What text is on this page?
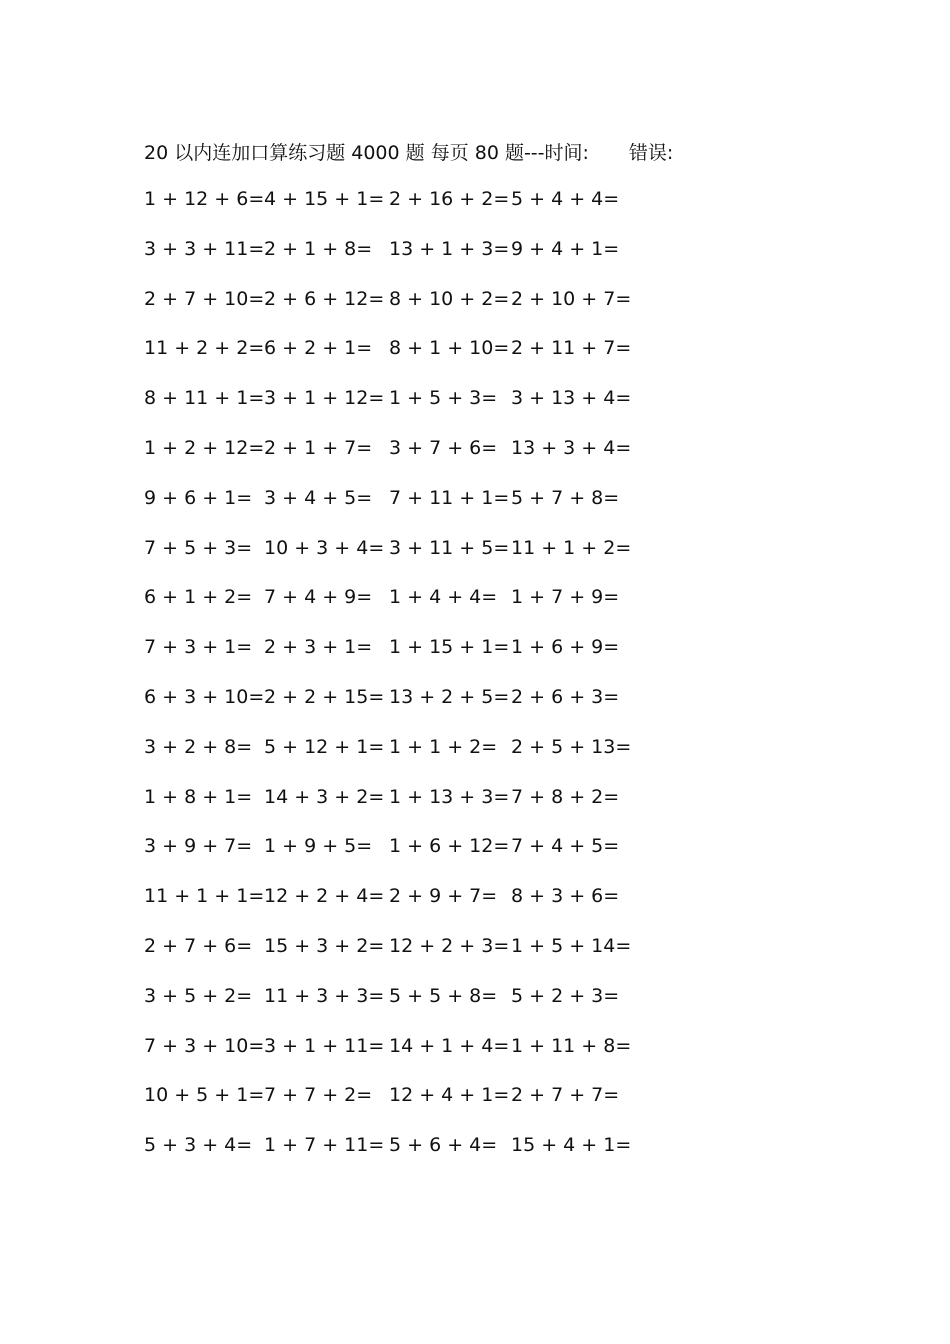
20 以内连加口算练习题 4000 题 每页 80 题---时间: 错误:
1 + 12 + 6= 4 + 15 + 1= 2 + 16 + 2= 5 + 4 + 4=
3 + 3 + 11= 2 + 1 + 8= 13 + 1 + 3= 9 + 4 + 1=
2 + 7 + 10= 2 + 6 + 12= 8 + 10 + 2= 2 + 10 + 7=
11 + 2 + 2= 6 + 2 + 1= 8 + 1 + 10= 2 + 11 + 7=
8 + 11 + 1= 3 + 1 + 12= 1 + 5 + 3= 3 + 13 + 4=
1 + 2 + 12= 2 + 1 + 7= 3 + 7 + 6= 13 + 3 + 4=
9 + 6 + 1= 3 + 4 + 5= 7 + 11 + 1= 5 + 7 + 8=
7 + 5 + 3= 10 + 3 + 4= 3 + 11 + 5= 11 + 1 + 2=
6 + 1 + 2= 7 + 4 + 9= 1 + 4 + 4= 1 + 7 + 9=
7 + 3 + 1= 2 + 3 + 1= 1 + 15 + 1= 1 + 6 + 9=
6 + 3 + 10= 2 + 2 + 15= 13 + 2 + 5= 2 + 6 + 3=
3 + 2 + 8= 5 + 12 + 1= 1 + 1 + 2= 2 + 5 + 13=
1 + 8 + 1= 14 + 3 + 2= 1 + 13 + 3= 7 + 8 + 2=
3 + 9 + 7= 1 + 9 + 5= 1 + 6 + 12= 7 + 4 + 5=
11 + 1 + 1= 12 + 2 + 4= 2 + 9 + 7= 8 + 3 + 6=
2 + 7 + 6= 15 + 3 + 2= 12 + 2 + 3= 1 + 5 + 14=
3 + 5 + 2= 11 + 3 + 3= 5 + 5 + 8= 5 + 2 + 3=
7 + 3 + 10= 3 + 1 + 11= 14 + 1 + 4= 1 + 11 + 8=
10 + 5 + 1= 7 + 7 + 2= 12 + 4 + 1= 2 + 7 + 7=
5 + 3 + 4= 1 + 7 + 11= 5 + 6 + 4= 15 + 4 + 1=
